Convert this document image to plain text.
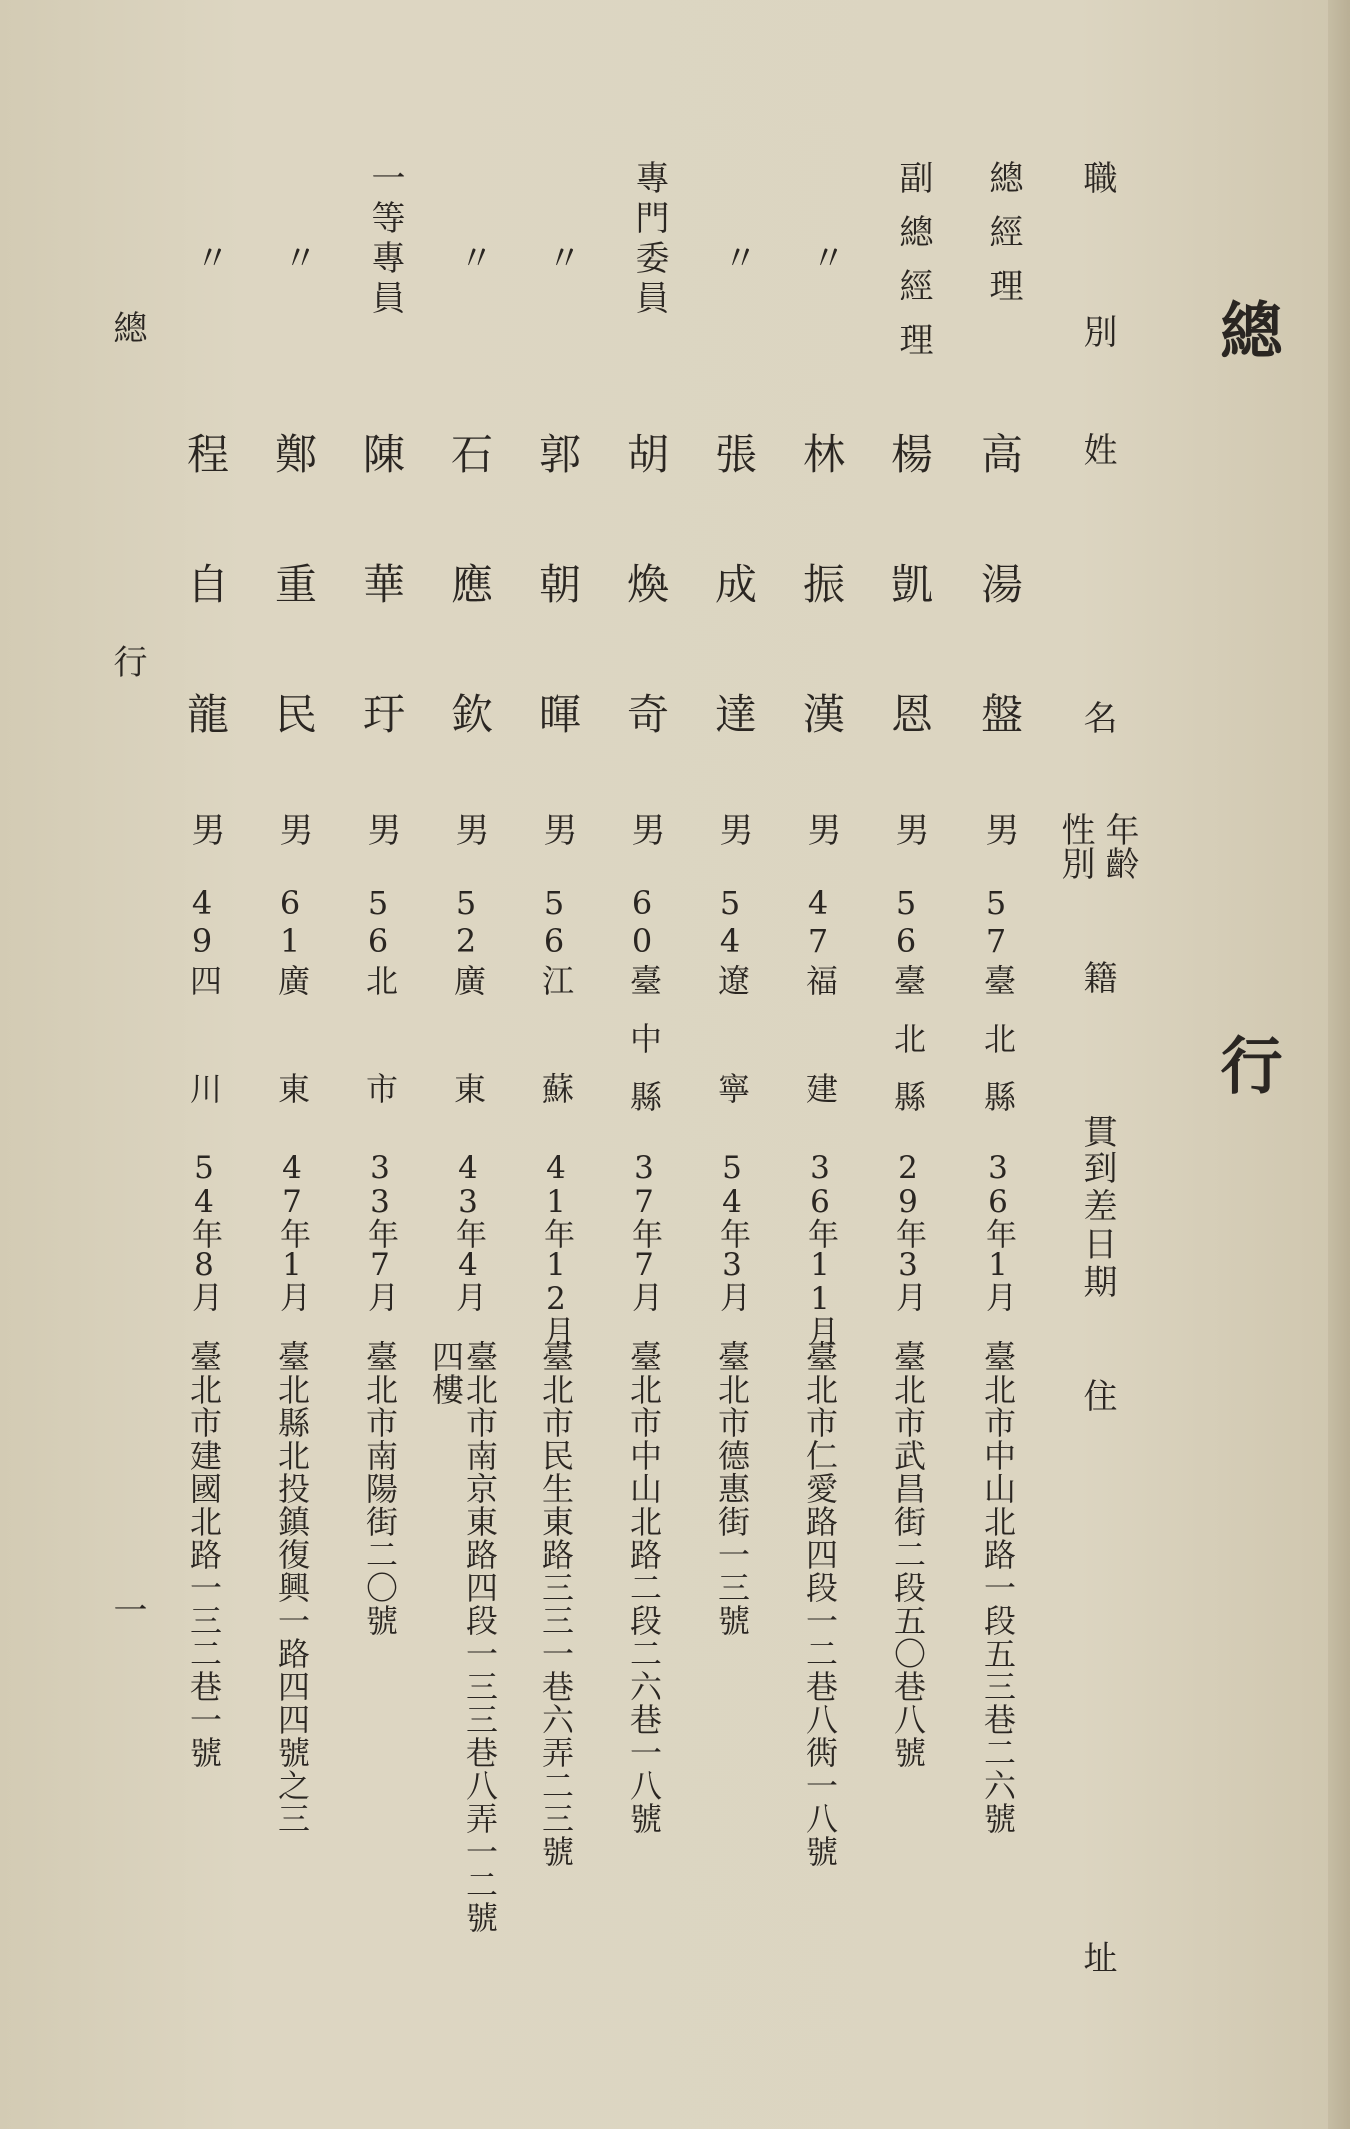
總 行
職 別
姓
名
性別 年齡
籍 貫
到差日期
住
址
總經理
高湯盤
男
57
臺北縣
36年1月
臺北市中山北路一段五三巷二六號
副總經理
楊凱恩
男
56
臺北縣
29年3月
臺北市武昌街二段五〇巷八號
〃
林振漢
男
47
福建
36年11月
臺北市仁愛路四段一二巷八衖一八號
〃
張成達
男
54
遼寧
54年3月
臺北市德惠街一三號
專門委員
胡煥奇
男
60
臺中縣
37年7月
臺北市中山北路二段二六巷一八號
〃
郭朝暉
男
56
江蘇
41年12月
臺北市民生東路三三一巷六弄二三號
〃
石應欽
男
52
廣東
43年4月
臺北市南京東路四段一三三巷八弄一二號
四樓
一等專員
陳華玗
男
56
北市
33年7月
臺北市南陽街二〇號
〃
鄭重民
男
61
廣東
47年1月
臺北縣北投鎮復興一路四四號之三
〃
程自龍
男
49
四川
54年8月
臺北市建國北路一三二巷一號
總 行
一
